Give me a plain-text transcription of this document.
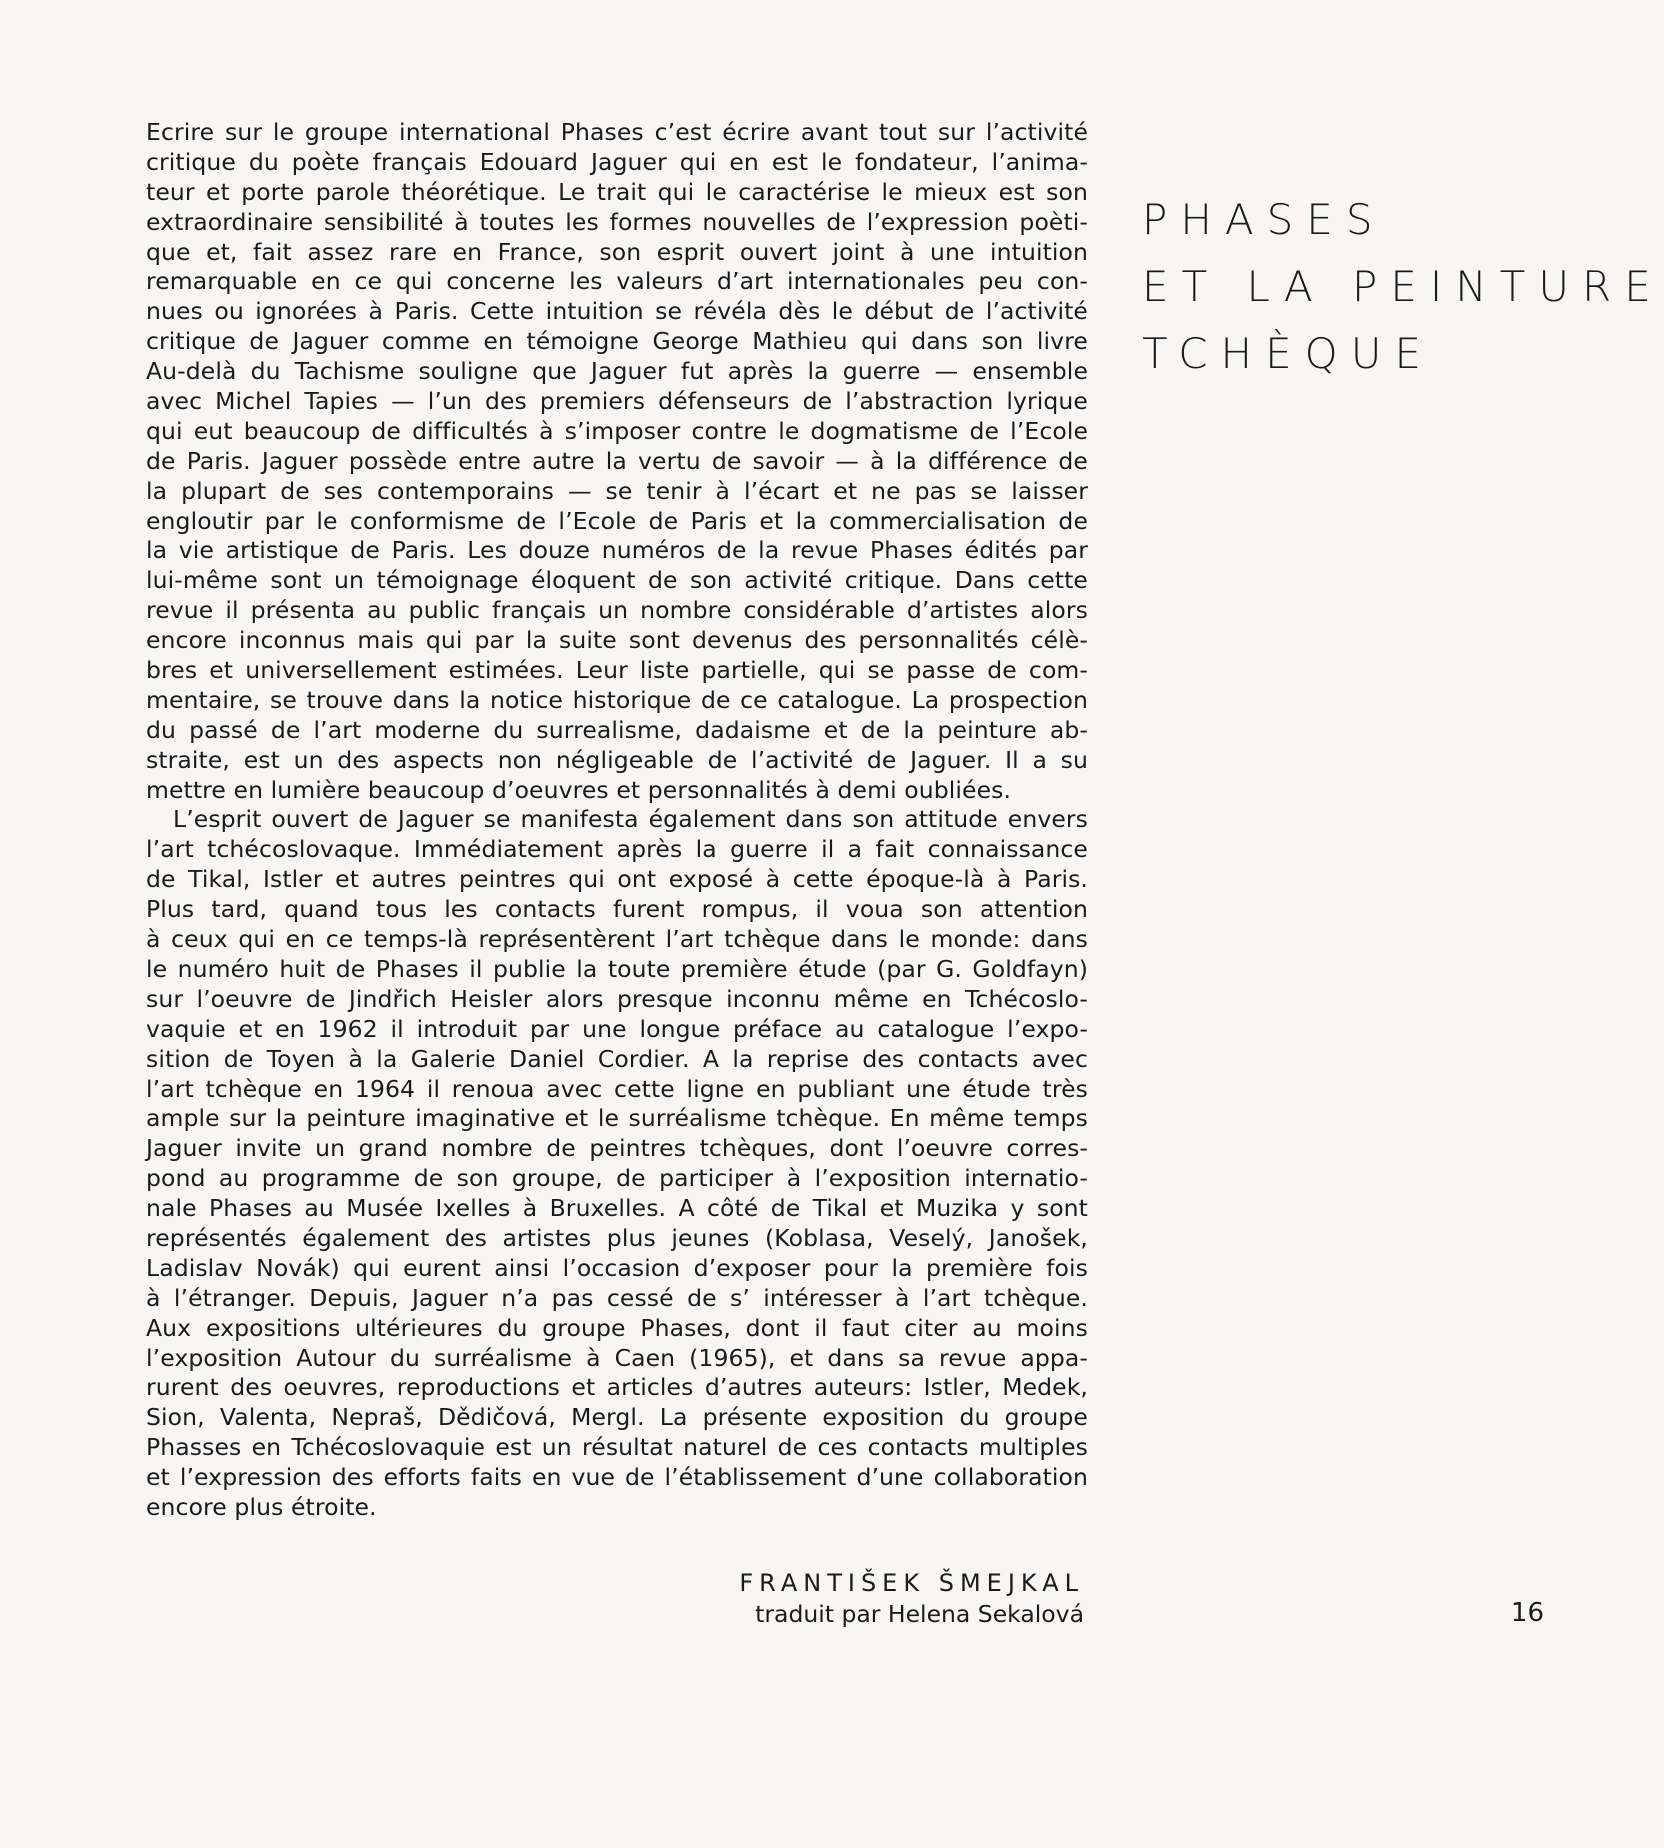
Ecrire sur le groupe international Phases c’est écrire avant tout sur l’activité
critique du poète français Edouard Jaguer qui en est le fondateur, l’anima-
teur et porte parole théorétique. Le trait qui le caractérise le mieux est son
extraordinaire sensibilité à toutes les formes nouvelles de l’expression poèti-
que et, fait assez rare en France, son esprit ouvert joint à une intuition
remarquable en ce qui concerne les valeurs d’art internationales peu con-
nues ou ignorées à Paris. Cette intuition se révéla dès le début de l’activité
critique de Jaguer comme en témoigne George Mathieu qui dans son livre
Au-delà du Tachisme souligne que Jaguer fut après la guerre — ensemble
avec Michel Tapies — l’un des premiers défenseurs de l’abstraction lyrique
qui eut beaucoup de difficultés à s’imposer contre le dogmatisme de l’Ecole
de Paris. Jaguer possède entre autre la vertu de savoir — à la différence de
la plupart de ses contemporains — se tenir à l’écart et ne pas se laisser
engloutir par le conformisme de l’Ecole de Paris et la commercialisation de
la vie artistique de Paris. Les douze numéros de la revue Phases édités par
lui-même sont un témoignage éloquent de son activité critique. Dans cette
revue il présenta au public français un nombre considérable d’artistes alors
encore inconnus mais qui par la suite sont devenus des personnalités célè-
bres et universellement estimées. Leur liste partielle, qui se passe de com-
mentaire, se trouve dans la notice historique de ce catalogue. La prospection
du passé de l’art moderne du surrealisme, dadaisme et de la peinture ab-
straite, est un des aspects non négligeable de l’activité de Jaguer. Il a su
mettre en lumière beaucoup d’oeuvres et personnalités à demi oubliées.
L’esprit ouvert de Jaguer se manifesta également dans son attitude envers
l’art tchécoslovaque. Immédiatement après la guerre il a fait connaissance
de Tikal, Istler et autres peintres qui ont exposé à cette époque-là à Paris.
Plus tard, quand tous les contacts furent rompus, il voua son attention
à ceux qui en ce temps-là représentèrent l’art tchèque dans le monde: dans
le numéro huit de Phases il publie la toute première étude (par G. Goldfayn)
sur l’oeuvre de Jindřich Heisler alors presque inconnu même en Tchécoslo-
vaquie et en 1962 il introduit par une longue préface au catalogue l’expo-
sition de Toyen à la Galerie Daniel Cordier. A la reprise des contacts avec
l’art tchèque en 1964 il renoua avec cette ligne en publiant une étude très
ample sur la peinture imaginative et le surréalisme tchèque. En même temps
Jaguer invite un grand nombre de peintres tchèques, dont l’oeuvre corres-
pond au programme de son groupe, de participer à l’exposition internatio-
nale Phases au Musée Ixelles à Bruxelles. A côté de Tikal et Muzika y sont
représentés également des artistes plus jeunes (Koblasa, Veselý, Janošek,
Ladislav Novák) qui eurent ainsi l’occasion d’exposer pour la première fois
à l’étranger. Depuis, Jaguer n’a pas cessé de s’ intéresser à l’art tchèque.
Aux expositions ultérieures du groupe Phases, dont il faut citer au moins
l’exposition Autour du surréalisme à Caen (1965), et dans sa revue appa-
rurent des oeuvres, reproductions et articles d’autres auteurs: Istler, Medek,
Sion, Valenta, Nepraš, Dědičová, Mergl. La présente exposition du groupe
Phasses en Tchécoslovaquie est un résultat naturel de ces contacts multiples
et l’expression des efforts faits en vue de l’établissement d’une collaboration
encore plus étroite.
PHASES
ET LA PEINTURE
TCHÈQUE
FRANTIŠEK ŠMEJKAL
traduit par Helena Sekalová	16
